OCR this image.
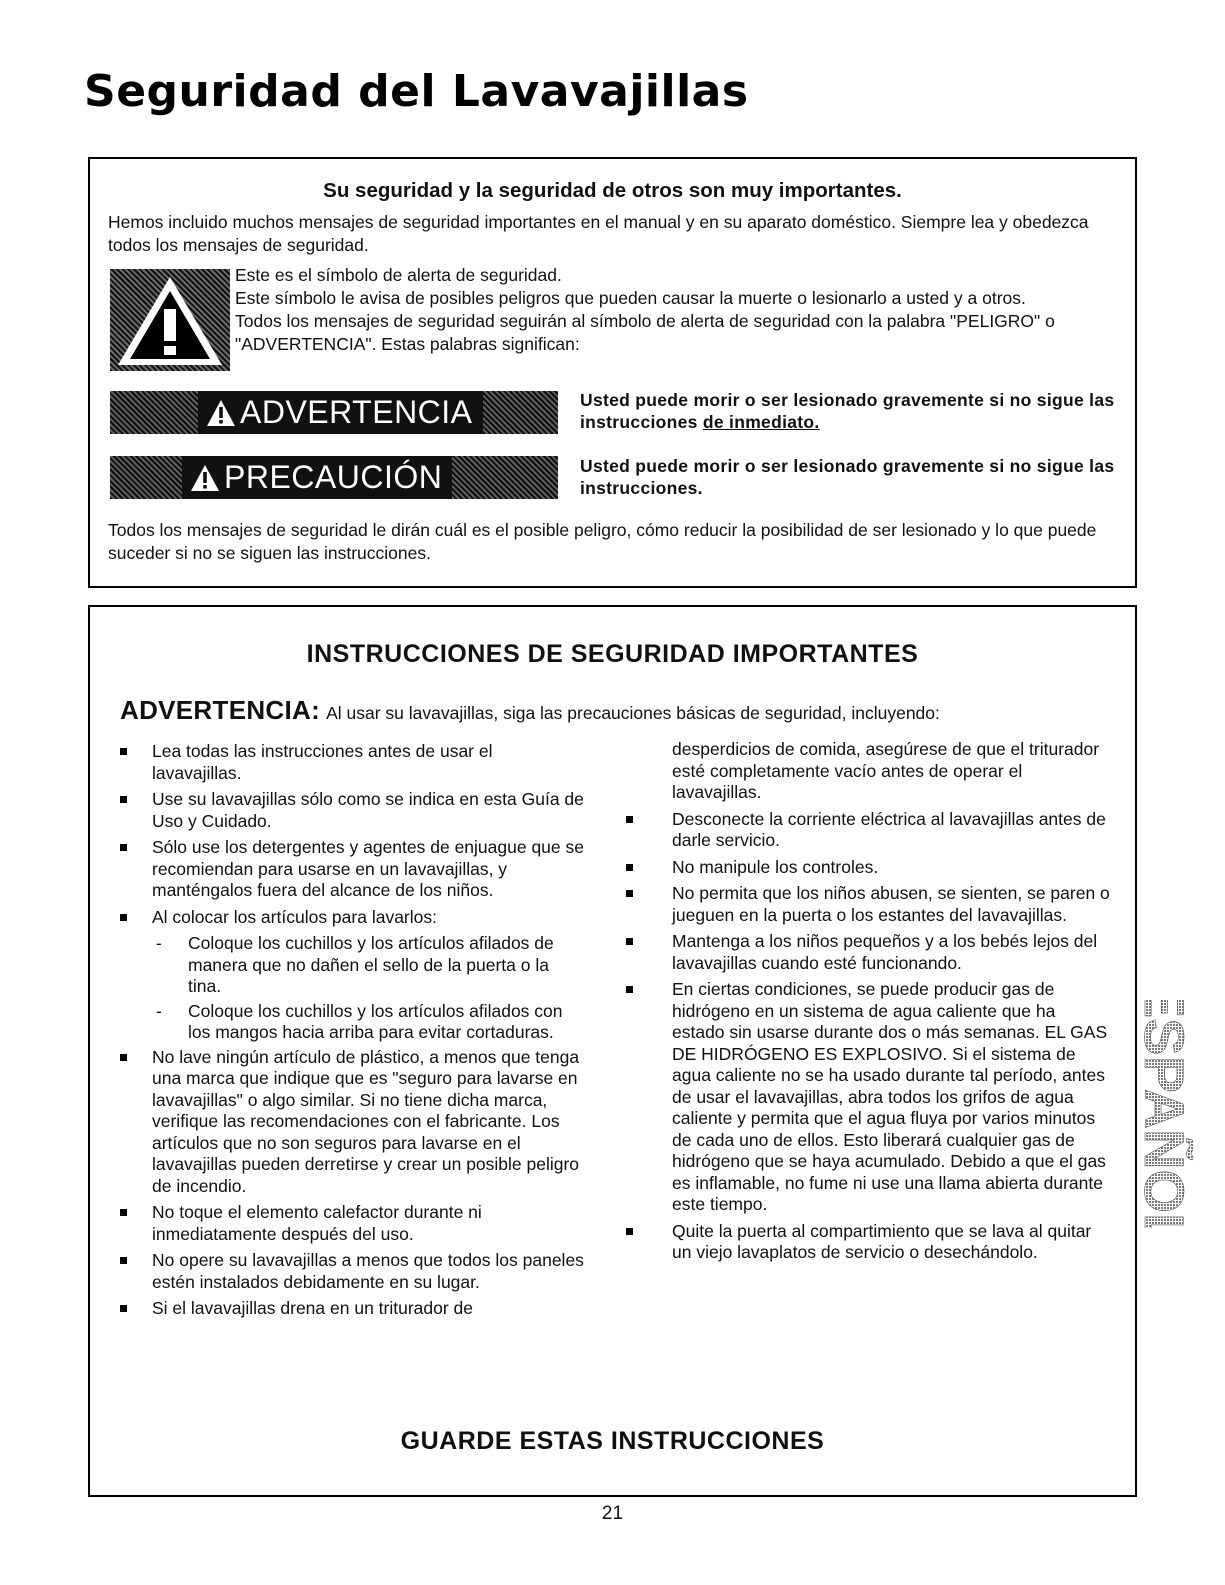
Seguridad del Lavavajillas
Su seguridad y la seguridad de otros son muy importantes.

Hemos incluido muchos mensajes de seguridad importantes en el manual y en su aparato doméstico. Siempre lea y obedezca todos los mensajes de seguridad.

Este es el símbolo de alerta de seguridad.
Este símbolo le avisa de posibles peligros que pueden causar la muerte o lesionarlo a usted y a otros.
Todos los mensajes de seguridad seguirán al símbolo de alerta de seguridad con la palabra "PELIGRO" o "ADVERTENCIA". Estas palabras significan:

ADVERTENCIA	Usted puede morir o ser lesionado gravemente si no sigue las instrucciones de inmediato.

PRECAUCIÓN	Usted puede morir o ser lesionado gravemente si no sigue las instrucciones.

Todos los mensajes de seguridad le dirán cuál es el posible peligro, cómo reducir la posibilidad de ser lesionado y lo que puede suceder si no se siguen las instrucciones.

INSTRUCCIONES DE SEGURIDAD IMPORTANTES

ADVERTENCIA: Al usar su lavavajillas, siga las precauciones básicas de seguridad, incluyendo:

Lea todas las instrucciones antes de usar el lavavajillas.
Use su lavavajillas sólo como se indica en esta Guía de Uso y Cuidado.
Sólo use los detergentes y agentes de enjuague que se recomiendan para usarse en un lavavajillas, y manténgalos fuera del alcance de los niños.
Al colocar los artículos para lavarlos:
- Coloque los cuchillos y los artículos afilados de manera que no dañen el sello de la puerta o la tina.
- Coloque los cuchillos y los artículos afilados con los mangos hacia arriba para evitar cortaduras.
No lave ningún artículo de plástico, a menos que tenga una marca que indique que es "seguro para lavarse en lavavajillas" o algo similar. Si no tiene dicha marca, verifique las recomendaciones con el fabricante. Los artículos que no son seguros para lavarse en el lavavajillas pueden derretirse y crear un posible peligro de incendio.
No toque el elemento calefactor durante ni inmediatamente después del uso.
No opere su lavavajillas a menos que todos los paneles estén instalados debidamente en su lugar.
Si el lavavajillas drena en un triturador de
desperdicios de comida, asegúrese de que el triturador esté completamente vacío antes de operar el lavavajillas.
Desconecte la corriente eléctrica al lavavajillas antes de darle servicio.
No manipule los controles.
No permita que los niños abusen, se sienten, se paren o jueguen en la puerta o los estantes del lavavajillas.
Mantenga a los niños pequeños y a los bebés lejos del lavavajillas cuando esté funcionando.
En ciertas condiciones, se puede producir gas de hidrógeno en un sistema de agua caliente que ha estado sin usarse durante dos o más semanas. EL GAS DE HIDRÓGENO ES EXPLOSIVO. Si el sistema de agua caliente no se ha usado durante tal período, antes de usar el lavavajillas, abra todos los grifos de agua caliente y permita que el agua fluya por varios minutos de cada uno de ellos. Esto liberará cualquier gas de hidrógeno que se haya acumulado. Debido a que el gas es inflamable, no fume ni use una llama abierta durante este tiempo.
Quite la puerta al compartimiento que se lava al quitar un viejo lavaplatos de servicio o desechándolo.

GUARDE ESTAS INSTRUCCIONES

ESPAÑOL

21
